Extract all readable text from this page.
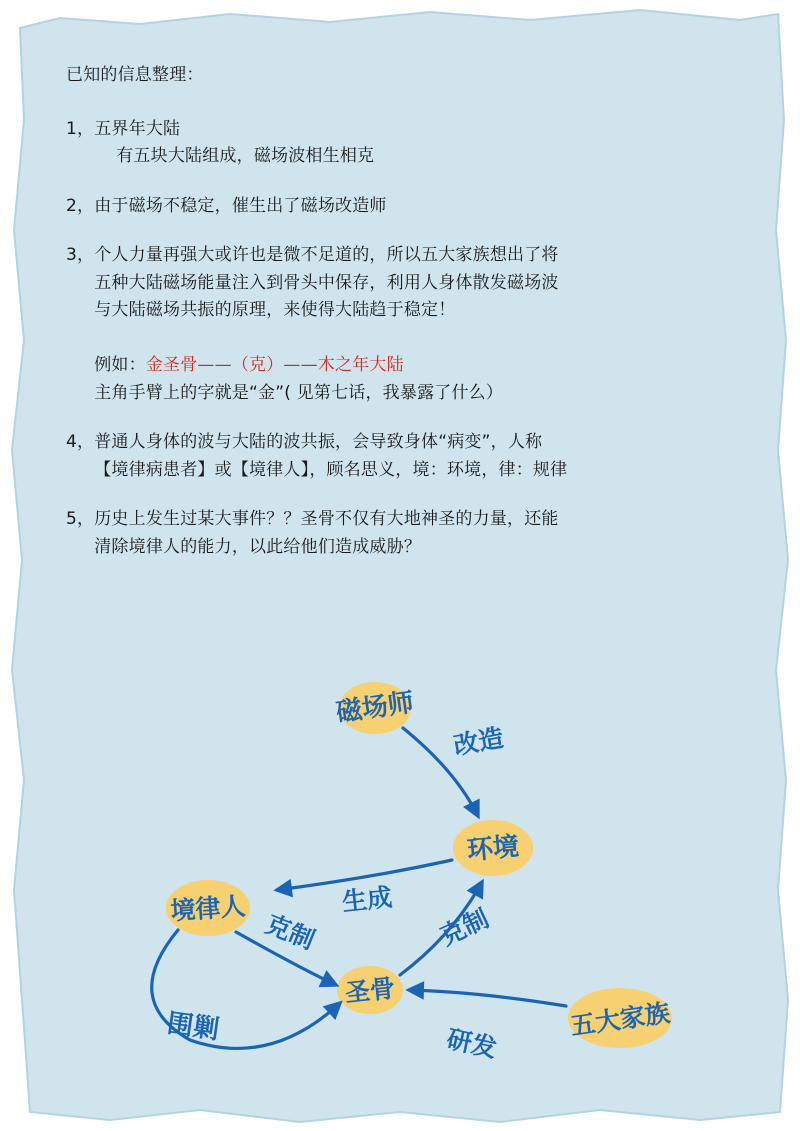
已知的信息整理：
1， 五界年大陆
有五块大陆组成，磁场波相生相克
2， 由于磁场不稳定，催生出了磁场改造师
3， 个人力量再强大或许也是微不足道的，所以五大家族想出了将
五种大陆磁场能量注入到骨头中保存，利用人身体散发磁场波
与大陆磁场共振的原理，来使得大陆趋于稳定！
例如：金圣骨——（克）——木之年大陆
主角手臂上的字就是“金”( 见第七话，我暴露了什么）
4， 普通人身体的波与大陆的波共振，会导致身体“病变”，人称
【境律病患者】或【境律人】，顾名思义，境：环境，律：规律
5， 历史上发生过某大事件？？圣骨不仅有大地神圣的力量，还能
清除境律人的能力，以此给他们造成威胁？
磁场师
环境
境律人
圣骨
五大家族
改造
生成
克制	克制
研发
围剿
